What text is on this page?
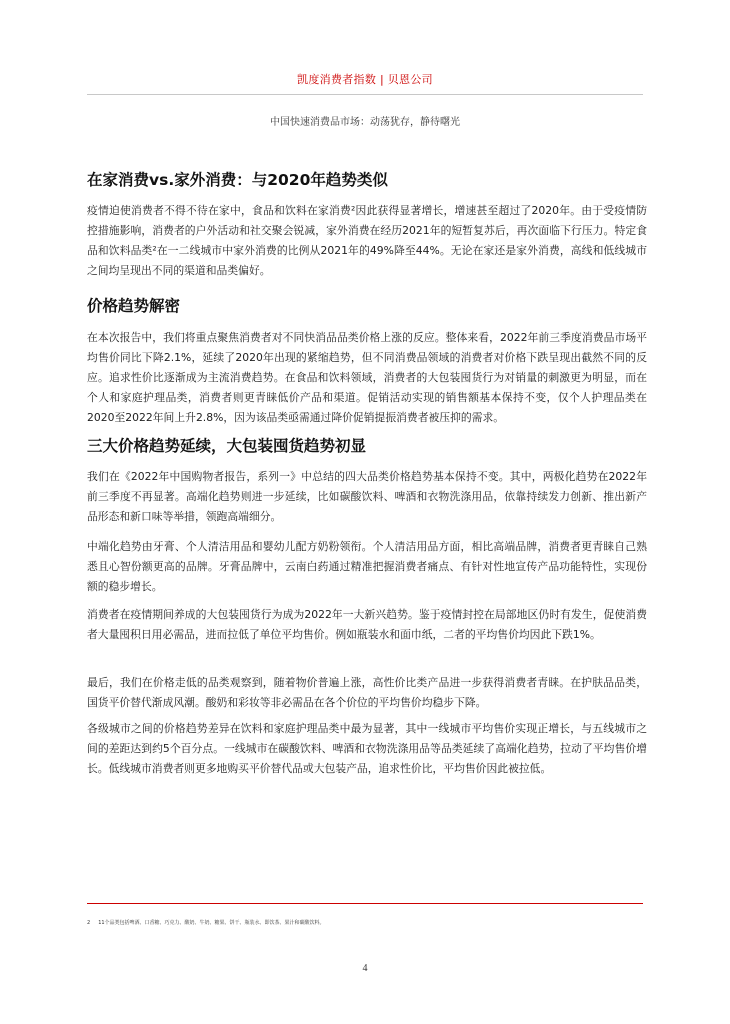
凯度消费者指数 | 贝恩公司
中国快速消费品市场：动荡犹存，静待曙光
在家消费vs.家外消费：与2020年趋势类似

疫情迫使消费者不得不待在家中，食品和饮料在家消费²因此获得显著增长，增速甚至超过了2020年。由于受疫情防控措施影响，消费者的户外活动和社交聚会锐减，家外消费在经历2021年的短暂复苏后，再次面临下行压力。特定食品和饮料品类²在一二线城市中家外消费的比例从2021年的49%降至44%。无论在家还是家外消费，高线和低线城市之间均呈现出不同的渠道和品类偏好。

价格趋势解密

在本次报告中，我们将重点聚焦消费者对不同快消品品类价格上涨的反应。整体来看，2022年前三季度消费品市场平均售价同比下降2.1%，延续了2020年出现的紧缩趋势，但不同消费品领域的消费者对价格下跌呈现出截然不同的反应。追求性价比逐渐成为主流消费趋势。在食品和饮料领域，消费者的大包装囤货行为对销量的刺激更为明显，而在个人和家庭护理品类，消费者则更青睐低价产品和渠道。促销活动实现的销售额基本保持不变，仅个人护理品类在2020至2022年间上升2.8%，因为该品类亟需通过降价促销提振消费者被压抑的需求。

三大价格趋势延续，大包装囤货趋势初显

我们在《2022年中国购物者报告，系列一》中总结的四大品类价格趋势基本保持不变。其中，两极化趋势在2022年前三季度不再显著。高端化趋势则进一步延续，比如碳酸饮料、啤酒和衣物洗涤用品，依靠持续发力创新、推出新产品形态和新口味等举措，领跑高端细分。

中端化趋势由牙膏、个人清洁用品和婴幼儿配方奶粉领衔。个人清洁用品方面，相比高端品牌，消费者更青睐自己熟悉且心智份额更高的品牌。牙膏品牌中，云南白药通过精准把握消费者痛点、有针对性地宣传产品功能特性，实现份额的稳步增长。

消费者在疫情期间养成的大包装囤货行为成为2022年一大新兴趋势。鉴于疫情封控在局部地区仍时有发生，促使消费者大量囤积日用必需品，进而拉低了单位平均售价。例如瓶装水和面巾纸，二者的平均售价均因此下跌1%。

最后，我们在价格走低的品类观察到，随着物价普遍上涨，高性价比类产品进一步获得消费者青睐。在护肤品品类，国货平价替代渐成风潮。酸奶和彩妆等非必需品在各个价位的平均售价均稳步下降。

各级城市之间的价格趋势差异在饮料和家庭护理品类中最为显著，其中一线城市平均售价实现正增长，与五线城市之间的差距达到约5个百分点。一线城市在碳酸饮料、啤酒和衣物洗涤用品等品类延续了高端化趋势，拉动了平均售价增长。低线城市消费者则更多地购买平价替代品或大包装产品，追求性价比，平均售价因此被拉低。

2 11个品类包括啤酒、口香糖、巧克力、酸奶、牛奶、糖果、饼干、瓶装水、即饮茶、果汁和碳酸饮料。
4
